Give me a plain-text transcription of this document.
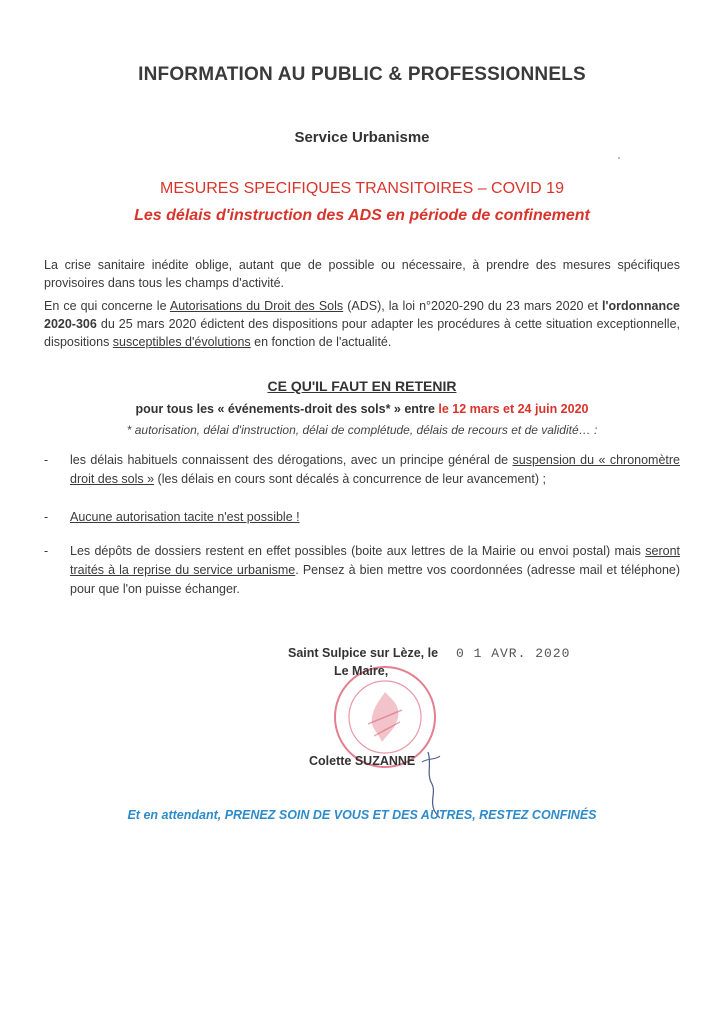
INFORMATION AU PUBLIC & PROFESSIONNELS
Service Urbanisme
MESURES SPECIFIQUES TRANSITOIRES – COVID 19
Les délais d'instruction des ADS en période de confinement
La crise sanitaire inédite oblige, autant que de possible ou nécessaire, à prendre des mesures spécifiques provisoires dans tous les champs d'activité.
En ce qui concerne le Autorisations du Droit des Sols (ADS), la loi n°2020-290 du 23 mars 2020 et l'ordonnance 2020-306 du 25 mars 2020 édictent des dispositions pour adapter les procédures à cette situation exceptionnelle, dispositions susceptibles d'évolutions en fonction de l'actualité.
CE QU'IL FAUT EN RETENIR
pour tous les « événements-droit des sols* » entre le 12 mars et 24 juin 2020
* autorisation, délai d'instruction, délai de complétude, délais de recours et de validité… :
-	les délais habituels connaissent des dérogations, avec un principe général de suspension du « chronomètre droit des sols » (les délais en cours sont décalés à concurrence de leur avancement) ;
-	Aucune autorisation tacite n'est possible !
-	Les dépôts de dossiers restent en effet possibles (boite aux lettres de la Mairie ou envoi postal) mais seront traités à la reprise du service urbanisme. Pensez à bien mettre vos coordonnées (adresse mail et téléphone) pour que l'on puisse échanger.
Saint Sulpice sur Lèze, le 0 1 AVR. 2020
Le Maire,
Colette SUZANNE
Et en attendant, PRENEZ SOIN DE VOUS ET DES AUTRES, RESTEZ CONFINÉS
